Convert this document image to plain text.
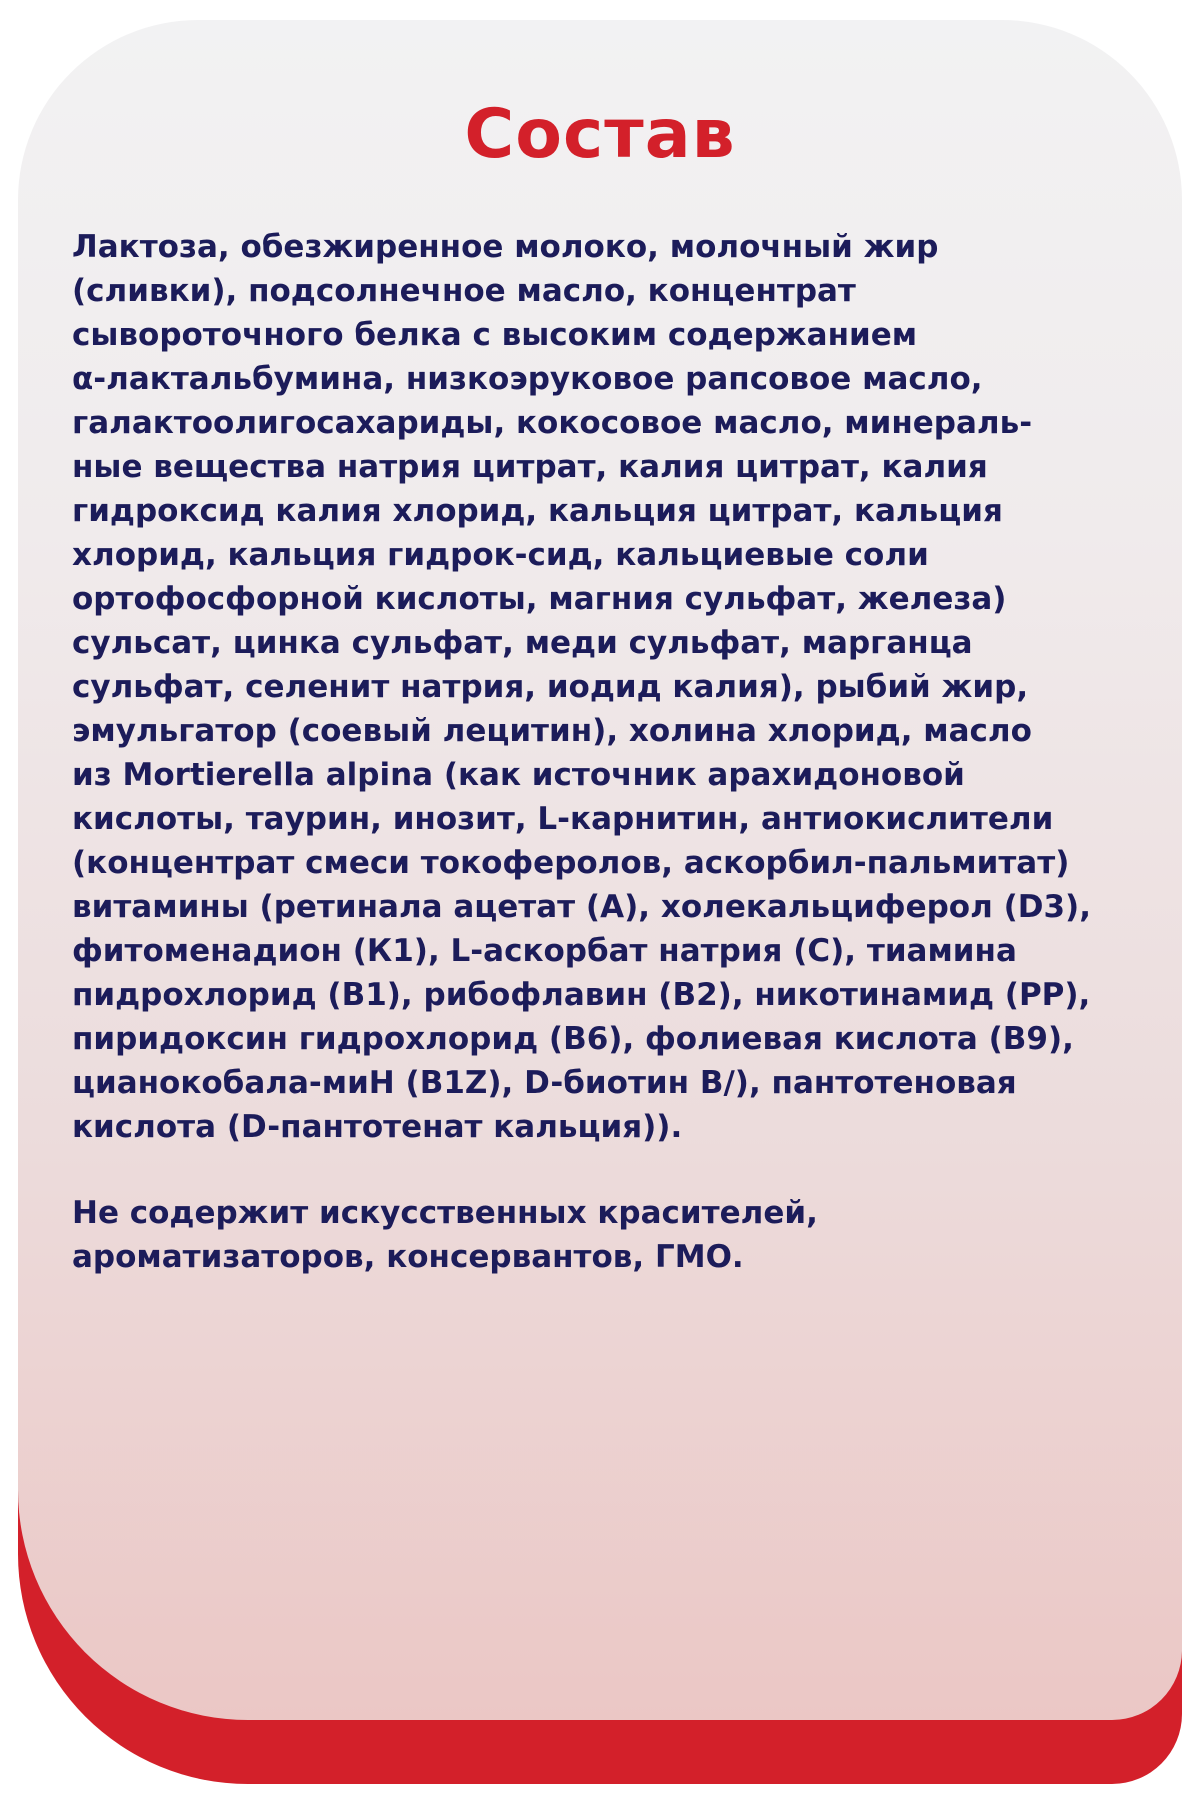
Состав
Лактоза, обезжиренное молоко, молочный жир
(сливки), подсолнечное масло, концентрат
сывороточного белка с высоким содержанием
α-лактальбумина, низкоэруковое рапсовое масло,
галактоолигосахариды, кокосовое масло, минераль-
ные вещества натрия цитрат, калия цитрат, калия
гидроксид калия хлорид, кальция цитрат, кальция
хлорид, кальция гидрок-сид, кальциевые соли
ортофосфорной кислоты, магния сульфат, железа)
сульсат, цинка сульфат, меди сульфат, марганца
сульфат, селенит натрия, иодид калия), рыбий жир,
эмульгатор (соевый лецитин), холина хлорид, масло
из Mortierella alpina (как источник арахидоновой
кислоты, таурин, инозит, L-карнитин, антиокислители
(концентрат смеси токоферолов, аскорбил-пальмитат)
витамины (ретинала ацетат (А), холекальциферол (D3),
фитоменадион (К1), L-аскорбат натрия (С), тиамина
пидрохлорид (B1), рибофлавин (B2), никотинамид (PP),
пиридоксин гидрохлорид (B6), фолиевая кислота (B9),
цианокобала-миН (B1Z), D-биотин В/), пантотеновая
кислота (D-пантотенат кальция)).
Не содержит искусственных красителей,
ароматизаторов, консервантов, ГМО.
